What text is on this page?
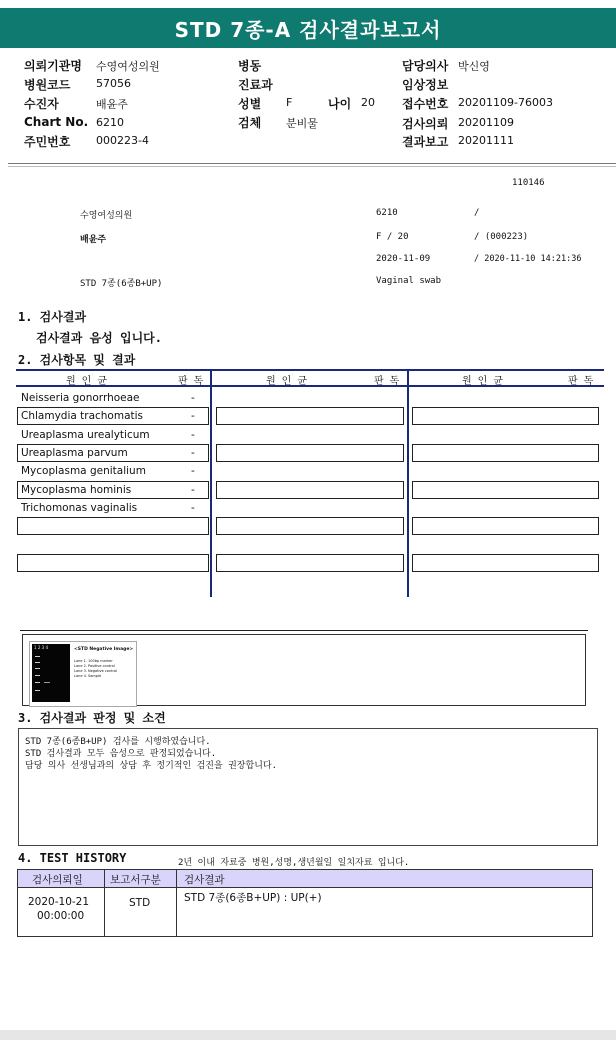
STD 7종-A 검사결과보고서
의뢰기관명 수영여성의원	병동	담당의사 박신영
병원코드 57056	진료과	임상정보
수진자	배윤주	성별 F	나이 20 접수번호 20201109-76003
Chart No. 6210	검체 분비물	검사의뢰 20201109
주민번호 000223-4	결과보고 20201111
110146
수영여성의원	6210	/
배윤주	F / 20	/ (000223)
2020-11-09	/ 2020-11-10 14:21:36
STD 7종(6종B+UP)	Vaginal swab
1. 검사결과
검사결과 음성 입니다.
2. 검사항목 및 결과
원 인 균	판 독	원 인 균	판 독	원 인 균	판 독
Neisseria gonorrhoeae	-
Chlamydia trachomatis	-
Ureaplasma urealyticum	-
Ureaplasma parvum	-
Mycoplasma genitalium	-
Mycoplasma hominis	-
Trichomonas vaginalis	-
1 2 3 4	<STD Negative Image>
Lane 1. 100bp marker
Lane 2. Positive control
Lane 3. Negative control
Lane 4. Sample
3. 검사결과 판정 및 소견
STD 7종(6종B+UP) 검사를 시행하였습니다.
STD 검사결과 모두 음성으로 판정되었습니다.
담당 의사 선생님과의 상담 후 정기적인 검진을 권장합니다.
4. TEST HISTORY	2년 이내 자료중 병원,성명,생년월일 일치자료 입니다.
검사의뢰일	보고서구분 검사결과
2020-10-21
00:00:00
STD	STD 7종(6종B+UP) : UP(+)
